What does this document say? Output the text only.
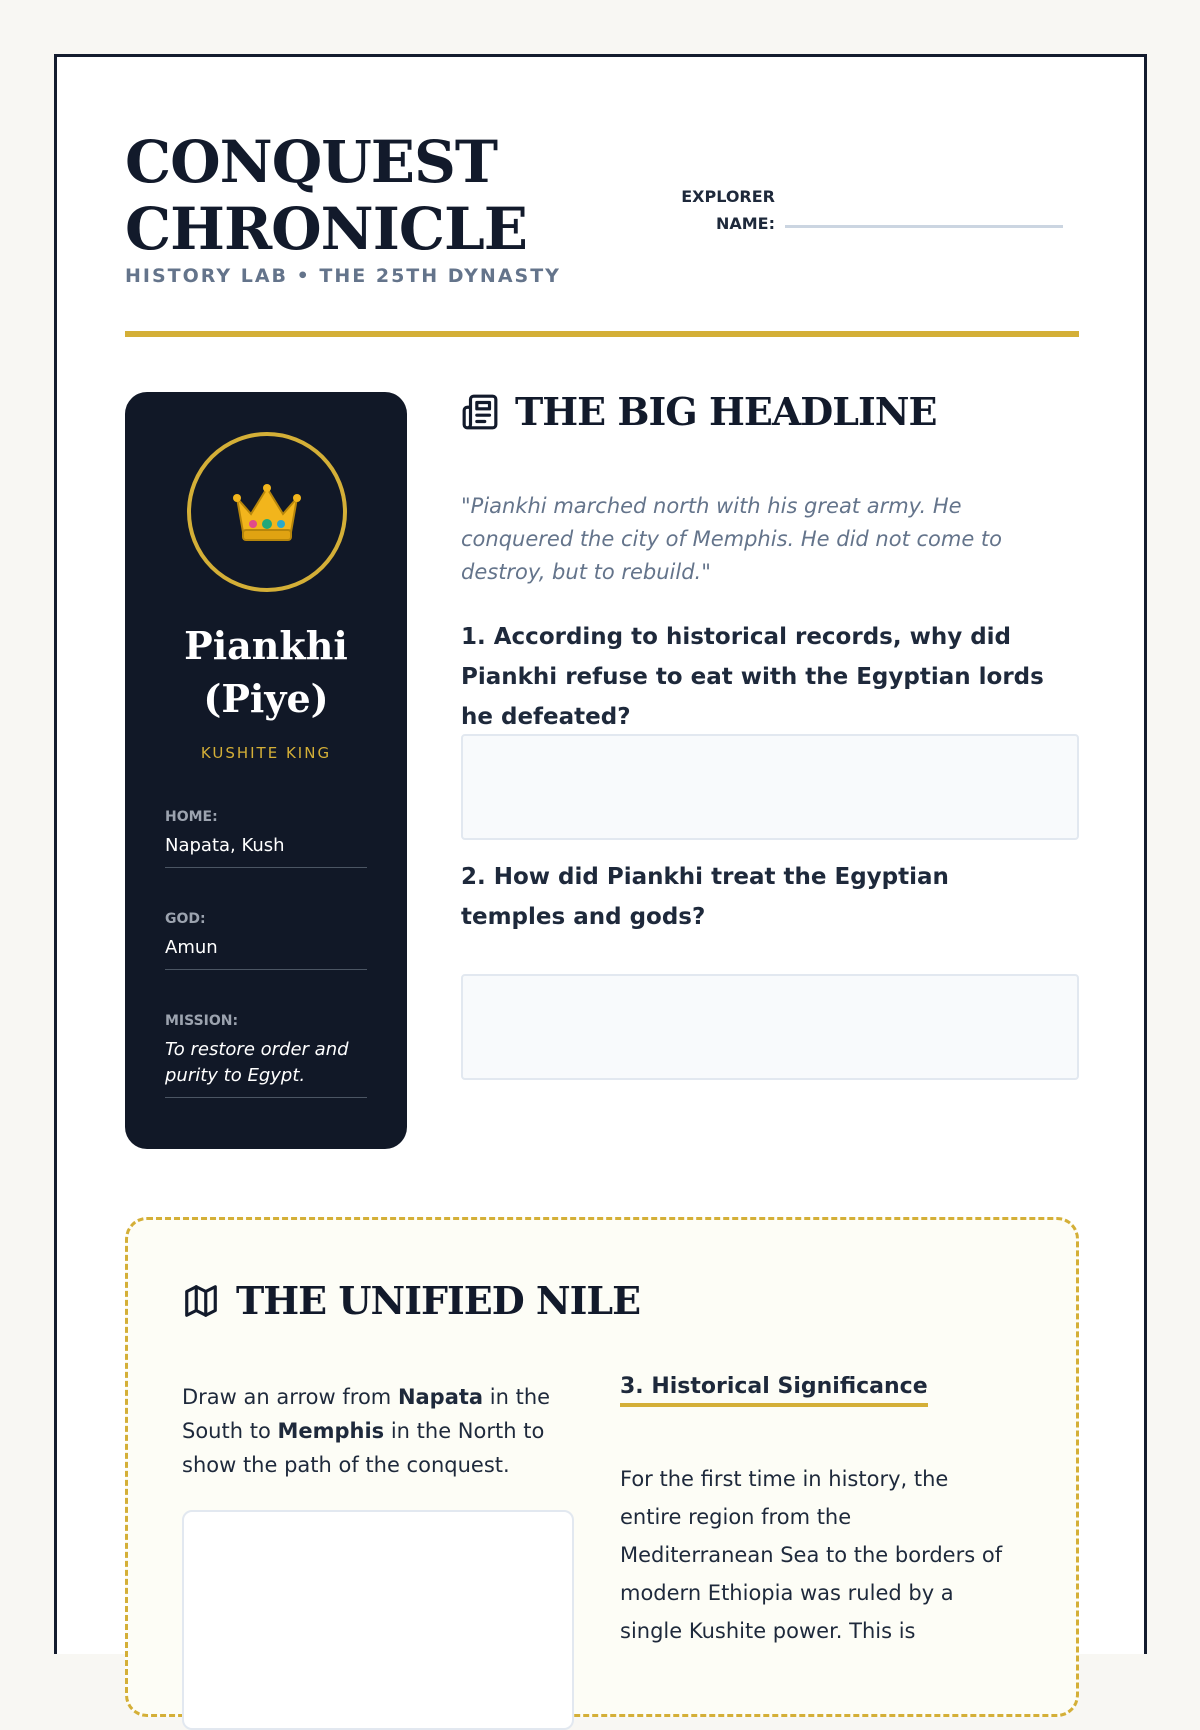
CONQUEST
CHRONICLE
HISTORY LAB • THE 25TH DYNASTY
EXPLORER NAME:
Piankhi (Piye)
KUSHITE KING
HOME:
Napata, Kush
GOD:
Amun
MISSION:
To restore order and purity to Egypt.
THE BIG HEADLINE
"Piankhi marched north with his great army. He conquered the city of Memphis. He did not come to destroy, but to rebuild."
1. According to historical records, why did Piankhi refuse to eat with the Egyptian lords he defeated?
2. How did Piankhi treat the Egyptian temples and gods?
THE UNIFIED NILE
Draw an arrow from Napata in the South to Memphis in the North to show the path of the conquest.
3. Historical Significance
For the first time in history, the entire region from the Mediterranean Sea to the borders of modern Ethiopia was ruled by a single Kushite power. This is
